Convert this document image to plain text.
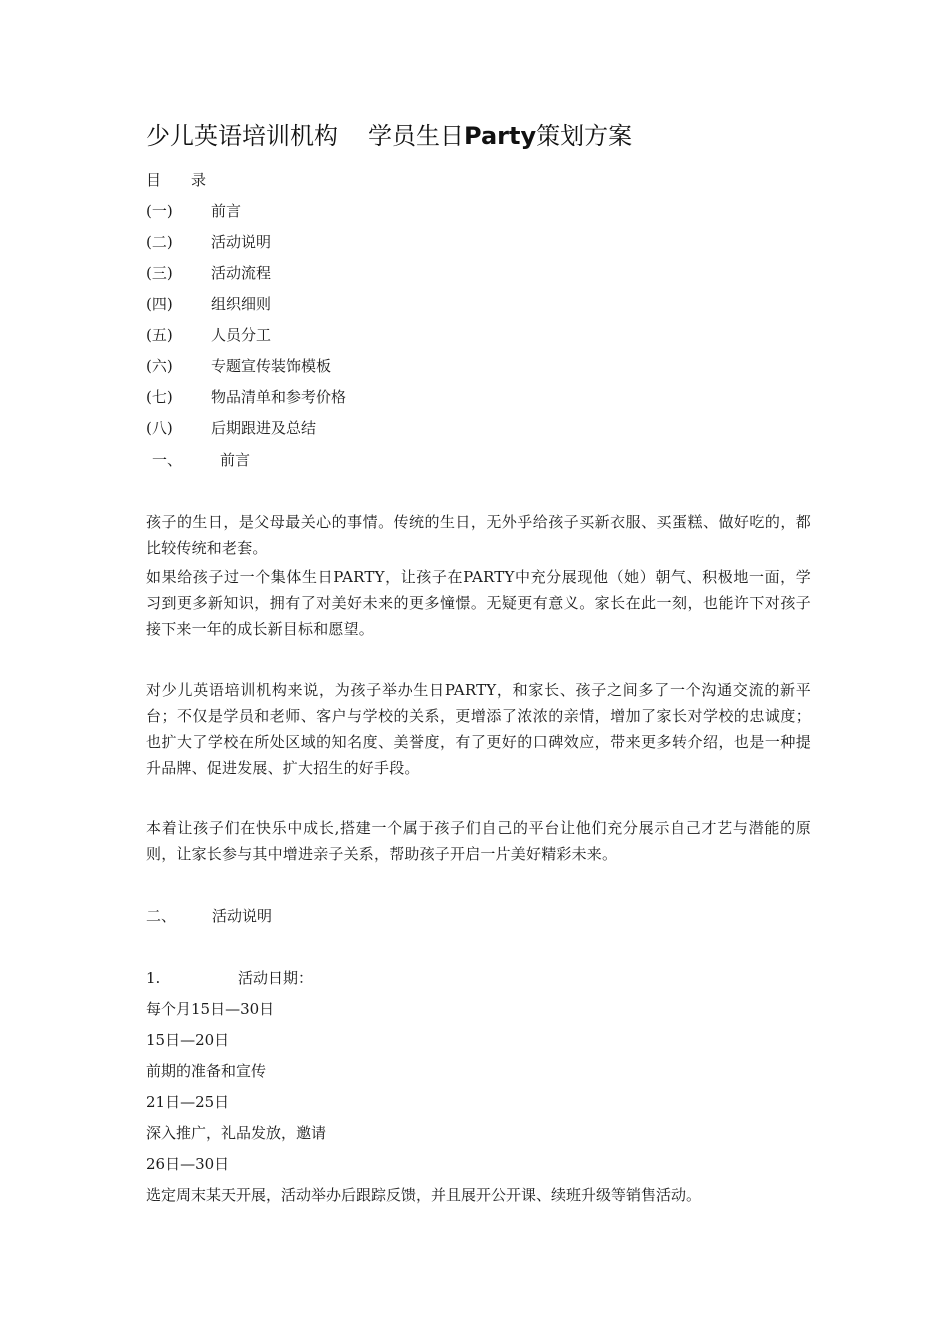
少儿英语培训机构 学员生日Party策划方案
目　　录
(一)	前言
(二)	活动说明
(三)	活动流程
(四)	组织细则
(五)	人员分工
(六)	专题宣传装饰模板
(七)	物品清单和参考价格
(八)	后期跟进及总结
一、	前言
孩子的生日，是父母最关心的事情。传统的生日，无外乎给孩子买新衣服、买蛋糕、做好吃的，都比较传统和老套。
如果给孩子过一个集体生日PARTY，让孩子在PARTY中充分展现他（她）朝气、积极地一面，学习到更多新知识，拥有了对美好未来的更多憧憬。无疑更有意义。家长在此一刻，也能许下对孩子接下来一年的成长新目标和愿望。
对少儿英语培训机构来说，为孩子举办生日PARTY，和家长、孩子之间多了一个沟通交流的新平台；不仅是学员和老师、客户与学校的关系，更增添了浓浓的亲情，增加了家长对学校的忠诚度；也扩大了学校在所处区域的知名度、美誉度，有了更好的口碑效应，带来更多转介绍，也是一种提升品牌、促进发展、扩大招生的好手段。
本着让孩子们在快乐中成长,搭建一个属于孩子们自己的平台让他们充分展示自己才艺与潜能的原则，让家长参与其中增进亲子关系，帮助孩子开启一片美好精彩未来。
二、 活动说明
1.	活动日期：
每个月15日—30日
15日—20日
前期的准备和宣传
21日—25日
深入推广，礼品发放，邀请
26日—30日
选定周末某天开展，活动举办后跟踪反馈，并且展开公开课、续班升级等销售活动。
